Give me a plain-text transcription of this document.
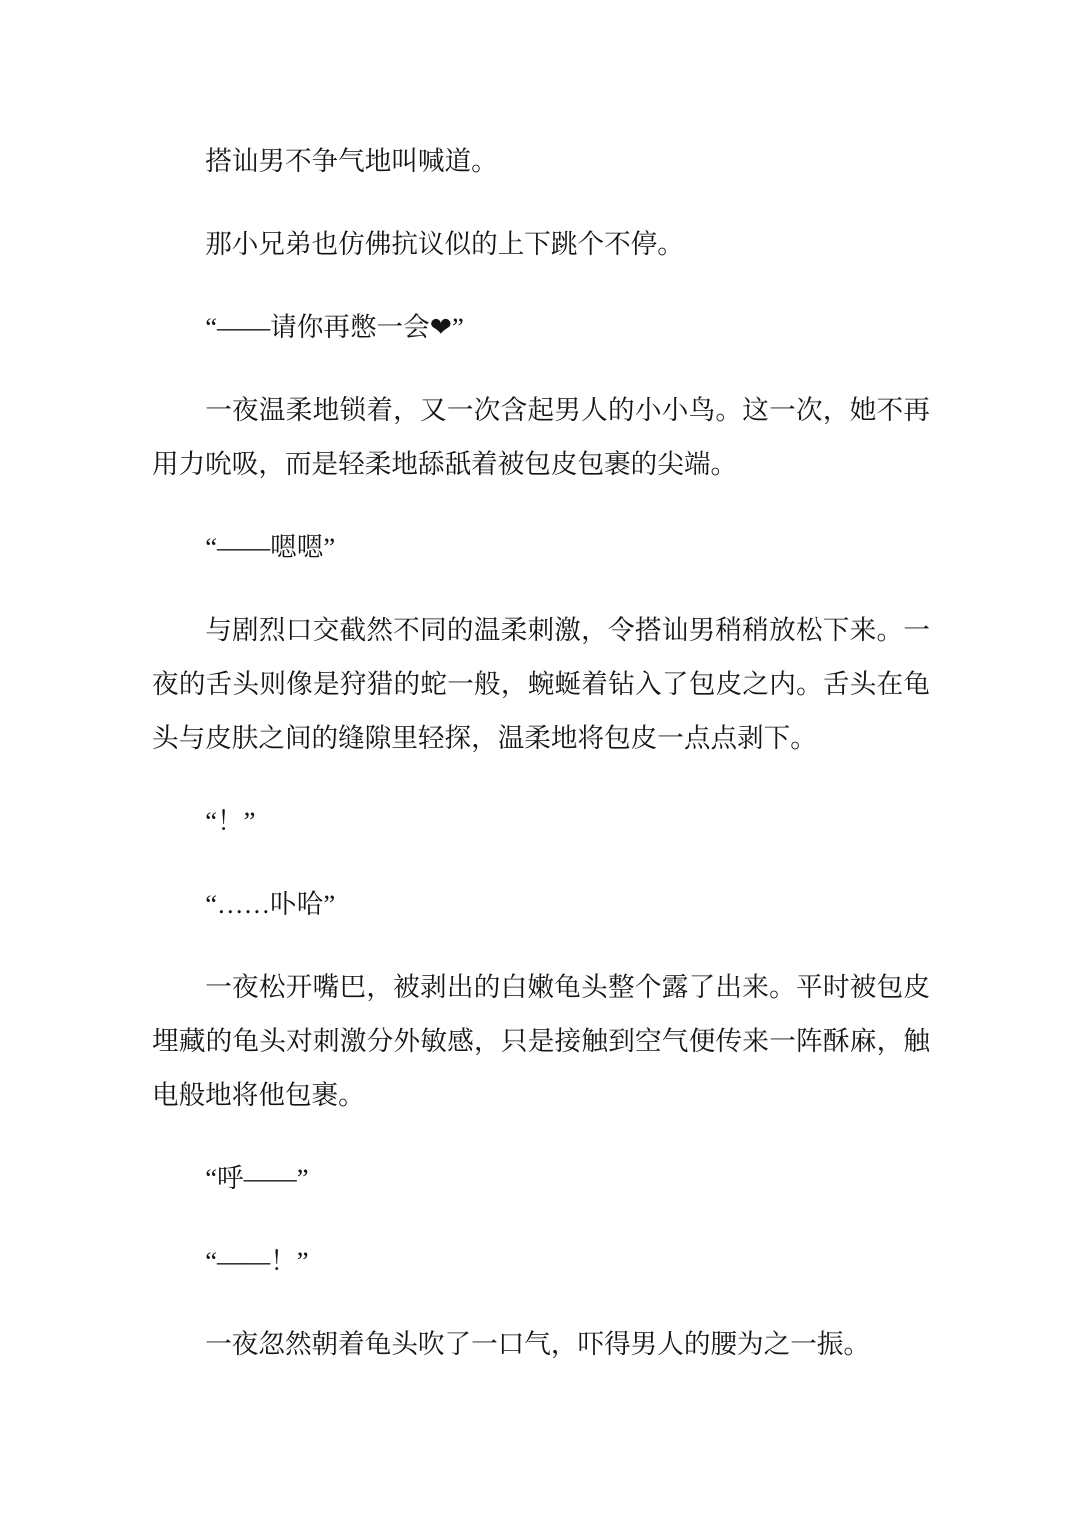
搭讪男不争气地叫喊道。

那小兄弟也仿佛抗议似的上下跳个不停。

“——请你再憋一会❤”

一夜温柔地锁着，又一次含起男人的小小鸟。这一次，她不再用力吮吸，而是轻柔地舔舐着被包皮包裹的尖端。

“——嗯嗯”

与剧烈口交截然不同的温柔刺激，令搭讪男稍稍放松下来。一夜的舌头则像是狩猎的蛇一般，蜿蜒着钻入了包皮之内。舌头在龟头与皮肤之间的缝隙里轻探，温柔地将包皮一点点剥下。

“！”

“……卟哈”

一夜松开嘴巴，被剥出的白嫩龟头整个露了出来。平时被包皮埋藏的龟头对刺激分外敏感，只是接触到空气便传来一阵酥麻，触电般地将他包裹。

“呼——”

“——！”

一夜忽然朝着龟头吹了一口气，吓得男人的腰为之一振。
